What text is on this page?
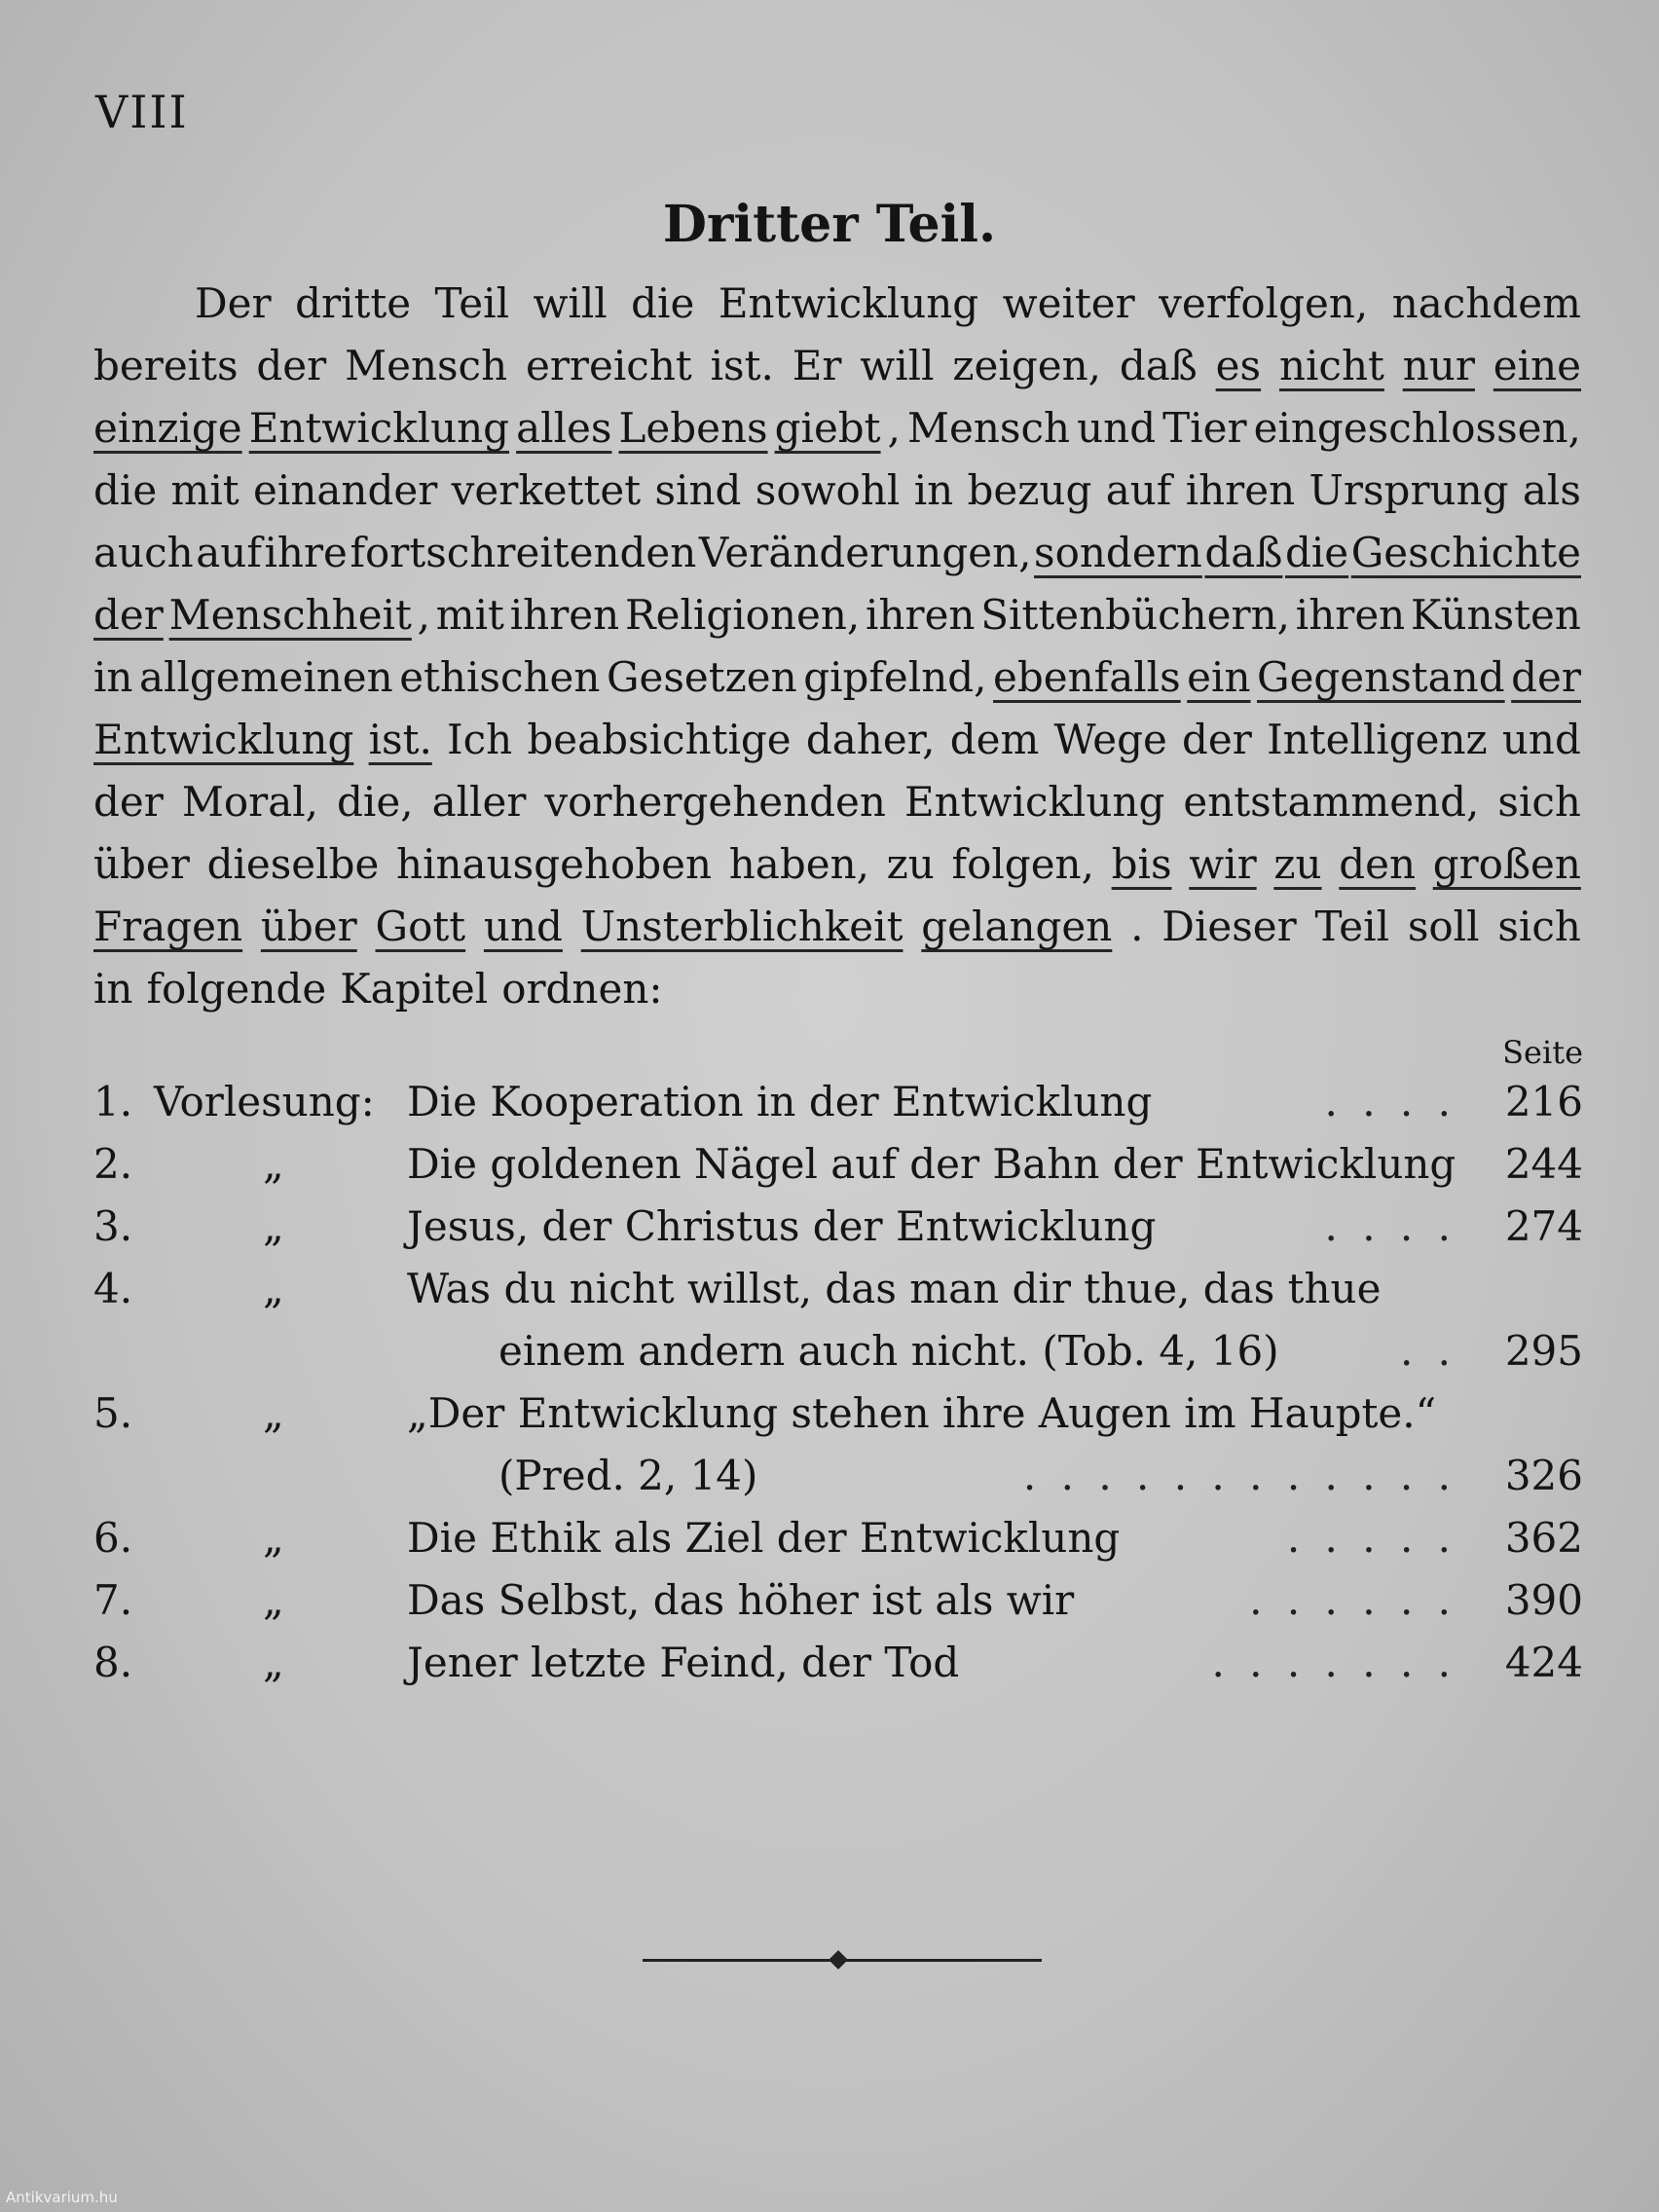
VIII
Dritter Teil.
Der dritte Teil will die Entwicklung weiter verfolgen, nachdem
bereits der Mensch erreicht ist. Er will zeigen, daß es nicht nur eine
einzige Entwicklung alles Lebens giebt , Mensch und Tier eingeschlossen,
die mit einander verkettet sind sowohl in bezug auf ihren Ursprung als
auch auf ihre fortschreitenden Veränderungen, sondern daß die Geschichte
der Menschheit , mit ihren Religionen, ihren Sittenbüchern, ihren Künsten
in allgemeinen ethischen Gesetzen gipfelnd, ebenfalls ein Gegenstand der
Entwicklung ist. Ich beabsichtige daher, dem Wege der Intelligenz und
der Moral, die, aller vorhergehenden Entwicklung entstammend, sich
über dieselbe hinausgehoben haben, zu folgen, bis wir zu den großen
Fragen über Gott und Unsterblichkeit gelangen . Dieser Teil soll sich
in folgende Kapitel ordnen:
Seite
1. Vorlesung: Die Kooperation in der Entwicklung	. . . . 216
2.	„	Die goldenen Nägel auf der Bahn der Entwicklung 244
3.	„	Jesus, der Christus der Entwicklung	. . . . 274
4.	„	Was du nicht willst, das man dir thue, das thue
einem andern auch nicht. (Tob. 4, 16)	. . 295
5.	„	„Der Entwicklung stehen ihre Augen im Haupte.“
(Pred. 2, 14)	. . . . . . . . . . . . 326
6.	„	Die Ethik als Ziel der Entwicklung	. . . . . 362
7.	„	Das Selbst, das höher ist als wir	. . . . . . 390
8.	„	Jener letzte Feind, der Tod	. . . . . . . 424
Antikvarium.hu
